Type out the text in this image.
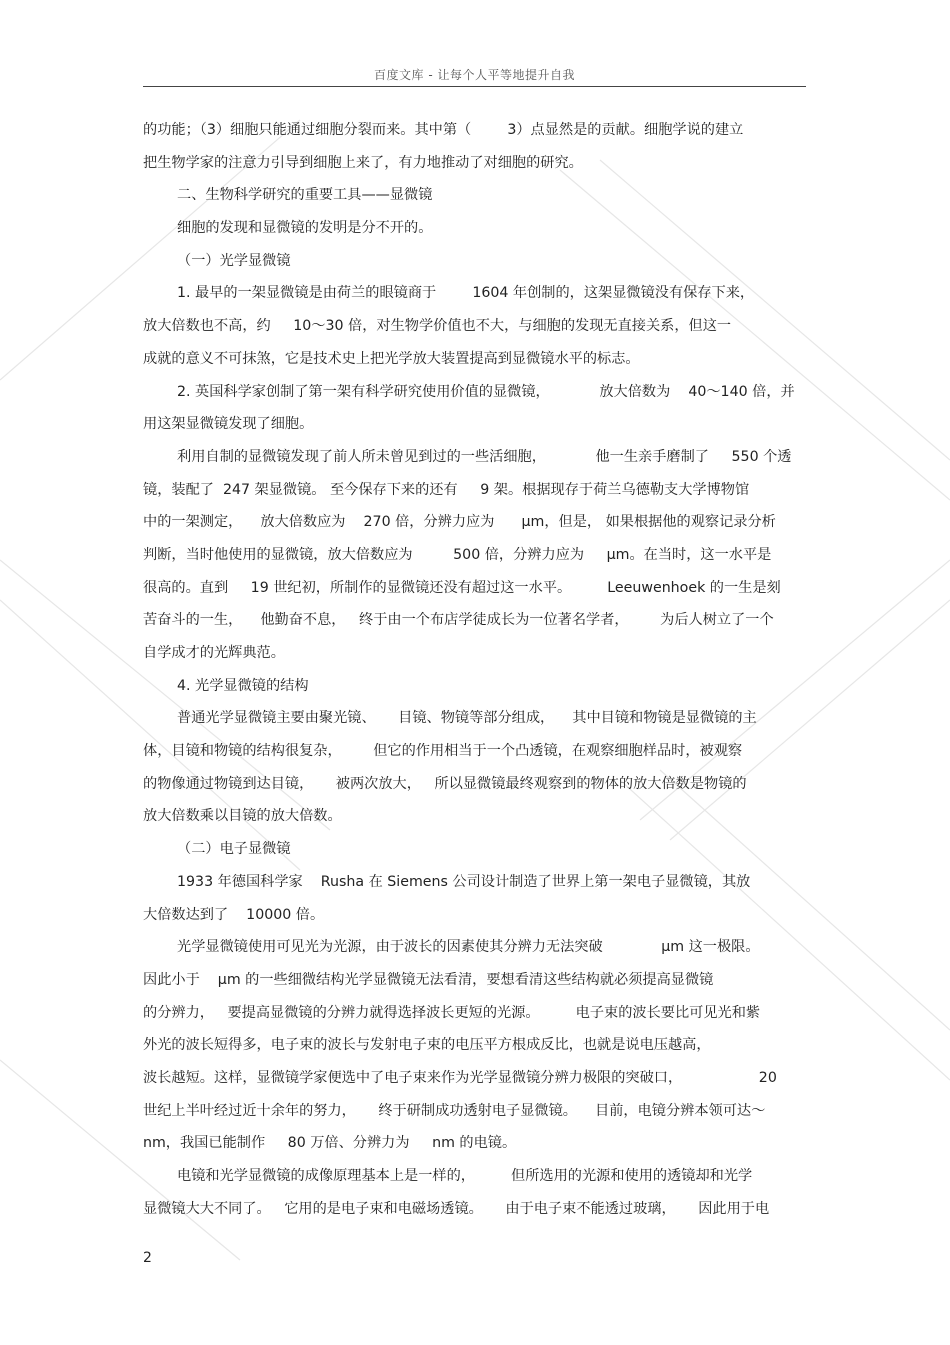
百度文库 - 让每个人平等地提升自我
的功能；（3）细胞只能通过细胞分裂而来。其中第（        3）点显然是的贡献。细胞学说的建立
把生物学家的注意力引导到细胞上来了，有力地推动了对细胞的研究。
二、生物科学研究的重要工具——显微镜
细胞的发现和显微镜的发明是分不开的。
（一）光学显微镜
1. 最早的一架显微镜是由荷兰的眼镜商于        1604 年创制的，这架显微镜没有保存下来，
放大倍数也不高，约     10～30 倍，对生物学价值也不大，与细胞的发现无直接关系，但这一
成就的意义不可抹煞，它是技术史上把光学放大装置提高到显微镜水平的标志。
2. 英国科学家创制了第一架有科学研究使用价值的显微镜，           放大倍数为    40～140 倍，并
用这架显微镜发现了细胞。
利用自制的显微镜发现了前人所未曾见到过的一些活细胞，           他一生亲手磨制了     550 个透
镜，装配了  247 架显微镜。 至今保存下来的还有     9 架。根据现存于荷兰乌德勒支大学博物馆
中的一架测定，    放大倍数应为    270 倍，分辨力应为      μm，但是， 如果根据他的观察记录分析
判断，当时他使用的显微镜，放大倍数应为         500 倍，分辨力应为     μm。在当时，这一水平是
很高的。直到     19 世纪初，所制作的显微镜还没有超过这一水平。        Leeuwenhoek 的一生是刻
苦奋斗的一生，    他勤奋不息，   终于由一个布店学徒成长为一位著名学者，       为后人树立了一个
自学成才的光辉典范。
4. 光学显微镜的结构
普通光学显微镜主要由聚光镜、     目镜、物镜等部分组成，    其中目镜和物镜是显微镜的主
体，目镜和物镜的结构很复杂，       但它的作用相当于一个凸透镜，在观察细胞样品时，被观察
的物像通过物镜到达目镜，     被两次放大，   所以显微镜最终观察到的物体的放大倍数是物镜的
放大倍数乘以目镜的放大倍数。
（二）电子显微镜
1933 年德国科学家    Rusha 在 Siemens 公司设计制造了世界上第一架电子显微镜，其放
大倍数达到了    10000 倍。
光学显微镜使用可见光为光源，由于波长的因素使其分辨力无法突破             μm 这一极限。
因此小于    μm 的一些细微结构光学显微镜无法看清，要想看清这些结构就必须提高显微镜
的分辨力，   要提高显微镜的分辨力就得选择波长更短的光源。        电子束的波长要比可见光和紫
外光的波长短得多，电子束的波长与发射电子束的电压平方根成反比，也就是说电压越高，
波长越短。这样，显微镜学家便选中了电子束来作为光学显微镜分辨力极限的突破口，                 20
世纪上半叶经过近十余年的努力，     终于研制成功透射电子显微镜。    目前，电镜分辨本领可达～
nm，我国已能制作     80 万倍、分辨力为     nm 的电镜。
电镜和光学显微镜的成像原理基本上是一样的，        但所选用的光源和使用的透镜却和光学
显微镜大大不同了。   它用的是电子束和电磁场透镜。     由于电子束不能透过玻璃，     因此用于电
2
